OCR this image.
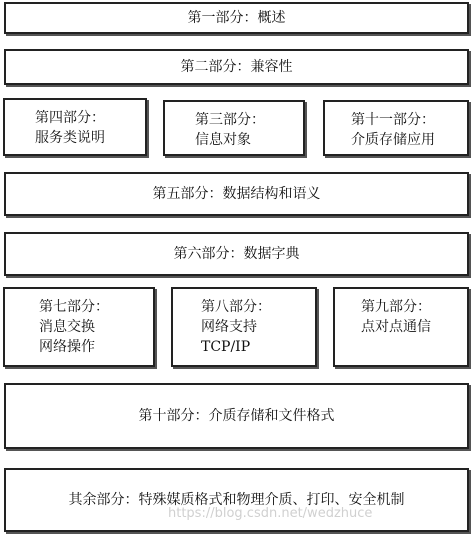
第一部分：概述
第二部分：兼容性
第四部分：
服务类说明
第三部分：
信息对象
第十一部分：
介质存储应用
第五部分：数据结构和语义
第六部分：数据字典
第七部分：
消息交换
网络操作
第八部分：
网络支持
TCP/IP
第九部分：
点对点通信
第十部分：介质存储和文件格式
其余部分：特殊媒质格式和物理介质、打印、安全机制
https://blog.csdn.net/wedzhuce
